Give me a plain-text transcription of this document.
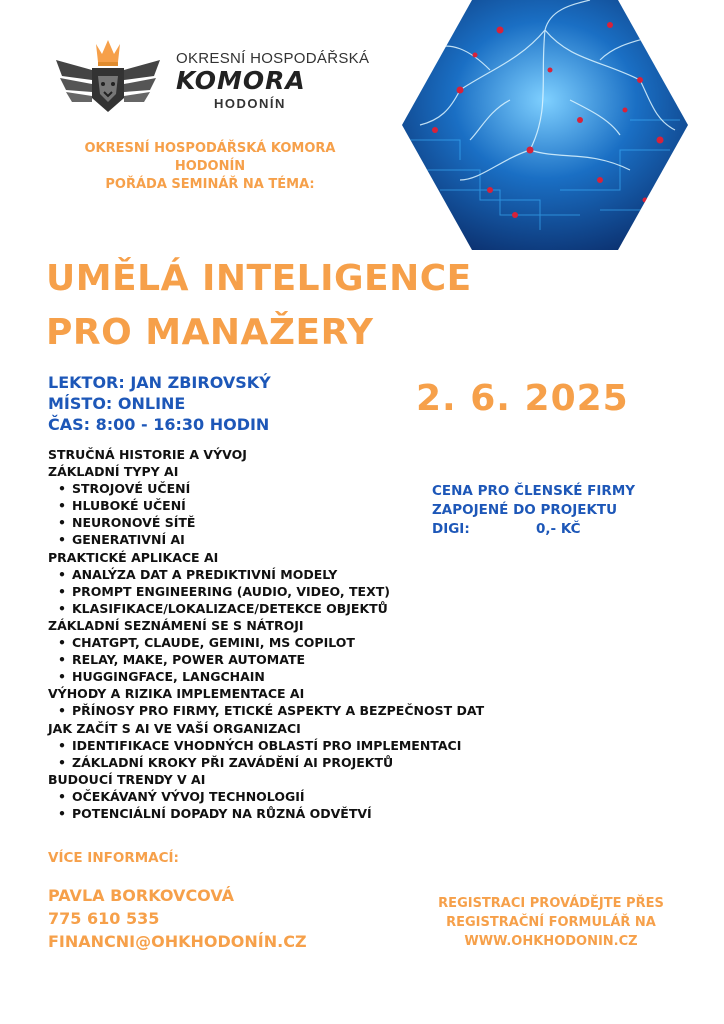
OKRESNÍ HOSPODÁŘSKÁ
KOMORA
HODONÍN
OKRESNÍ HOSPODÁŘSKÁ KOMORA
HODONÍN
POŘÁDA SEMINÁŘ NA TÉMA:
UMĚLÁ INTELIGENCE
PRO MANAŽERY
LEKTOR: JAN ZBIROVSKÝ
MÍSTO: ONLINE
ČAS: 8:00 - 16:30 HODIN
2. 6. 2025
STRUČNÁ HISTORIE A VÝVOJ
ZÁKLADNÍ TYPY AI
• STROJOVÉ UČENÍ
• HLUBOKÉ UČENÍ
• NEURONOVÉ SÍTĚ
• GENERATIVNÍ AI
PRAKTICKÉ APLIKACE AI
• ANALÝZA DAT A PREDIKTIVNÍ MODELY
• PROMPT ENGINEERING (AUDIO, VIDEO, TEXT)
• KLASIFIKACE/LOKALIZACE/DETEKCE OBJEKTŮ
ZÁKLADNÍ SEZNÁMENÍ SE S NÁTROJI
• CHATGPT, CLAUDE, GEMINI, MS COPILOT
• RELAY, MAKE, POWER AUTOMATE
• HUGGINGFACE, LANGCHAIN
VÝHODY A RIZIKA IMPLEMENTACE AI
• PŘÍNOSY PRO FIRMY, ETICKÉ ASPEKTY A BEZPEČNOST DAT
JAK ZAČÍT S AI VE VAŠÍ ORGANIZACI
• IDENTIFIKACE VHODNÝCH OBLASTÍ PRO IMPLEMENTACI
• ZÁKLADNÍ KROKY PŘI ZAVÁDĚNÍ AI PROJEKTŮ
BUDOUCÍ TRENDY V AI
• OČEKÁVANÝ VÝVOJ TECHNOLOGIÍ
• POTENCIÁLNÍ DOPADY NA RŮZNÁ ODVĚTVÍ
CENA PRO ČLENSKÉ FIRMY
ZAPOJENÉ DO PROJEKTU
DIGI:	0,- KČ
VÍCE INFORMACÍ:
PAVLA BORKOVCOVÁ
775 610 535
FINANCNI@OHKHODONÍN.CZ
REGISTRACI PROVÁDĚJTE PŘES
REGISTRAČNÍ FORMULÁŘ NA
WWW.OHKHODONIN.CZ
